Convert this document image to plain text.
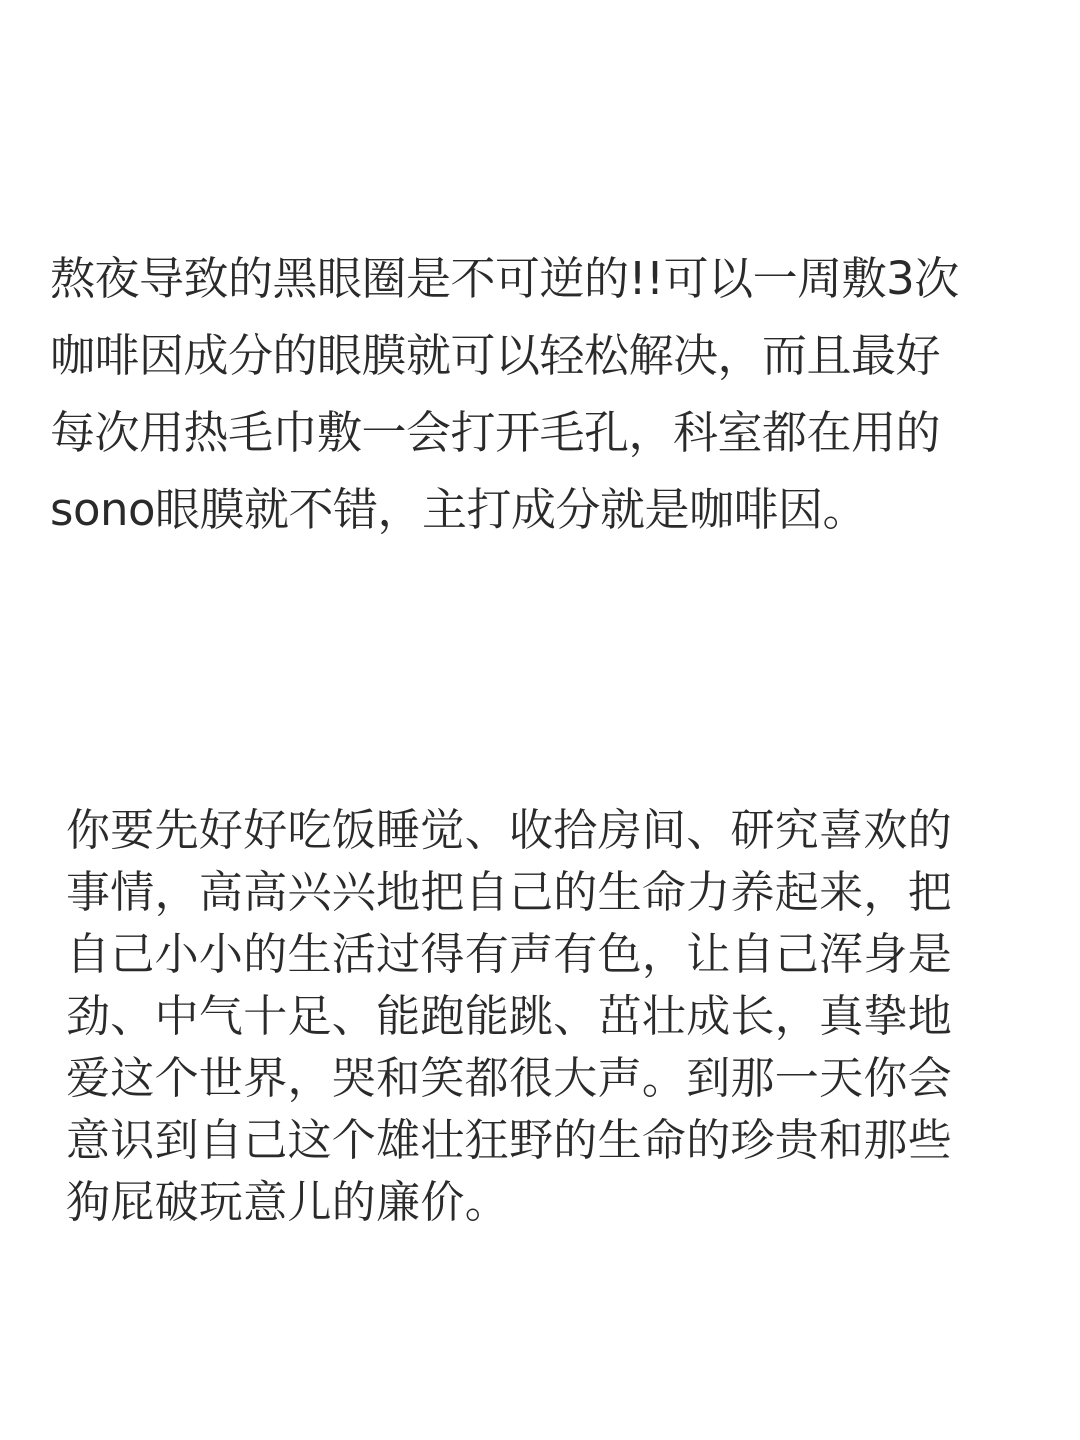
熬夜导致的黑眼圈是不可逆的!!可以一周敷3次
咖啡因成分的眼膜就可以轻松解决，而且最好
每次用热毛巾敷一会打开毛孔，科室都在用的
sono眼膜就不错，主打成分就是咖啡因。
你要先好好吃饭睡觉、收拾房间、研究喜欢的
事情，高高兴兴地把自己的生命力养起来，把
自己小小的生活过得有声有色，让自己浑身是
劲、中气十足、能跑能跳、茁壮成长，真挚地
爱这个世界，哭和笑都很大声。到那一天你会
意识到自己这个雄壮狂野的生命的珍贵和那些
狗屁破玩意儿的廉价。
